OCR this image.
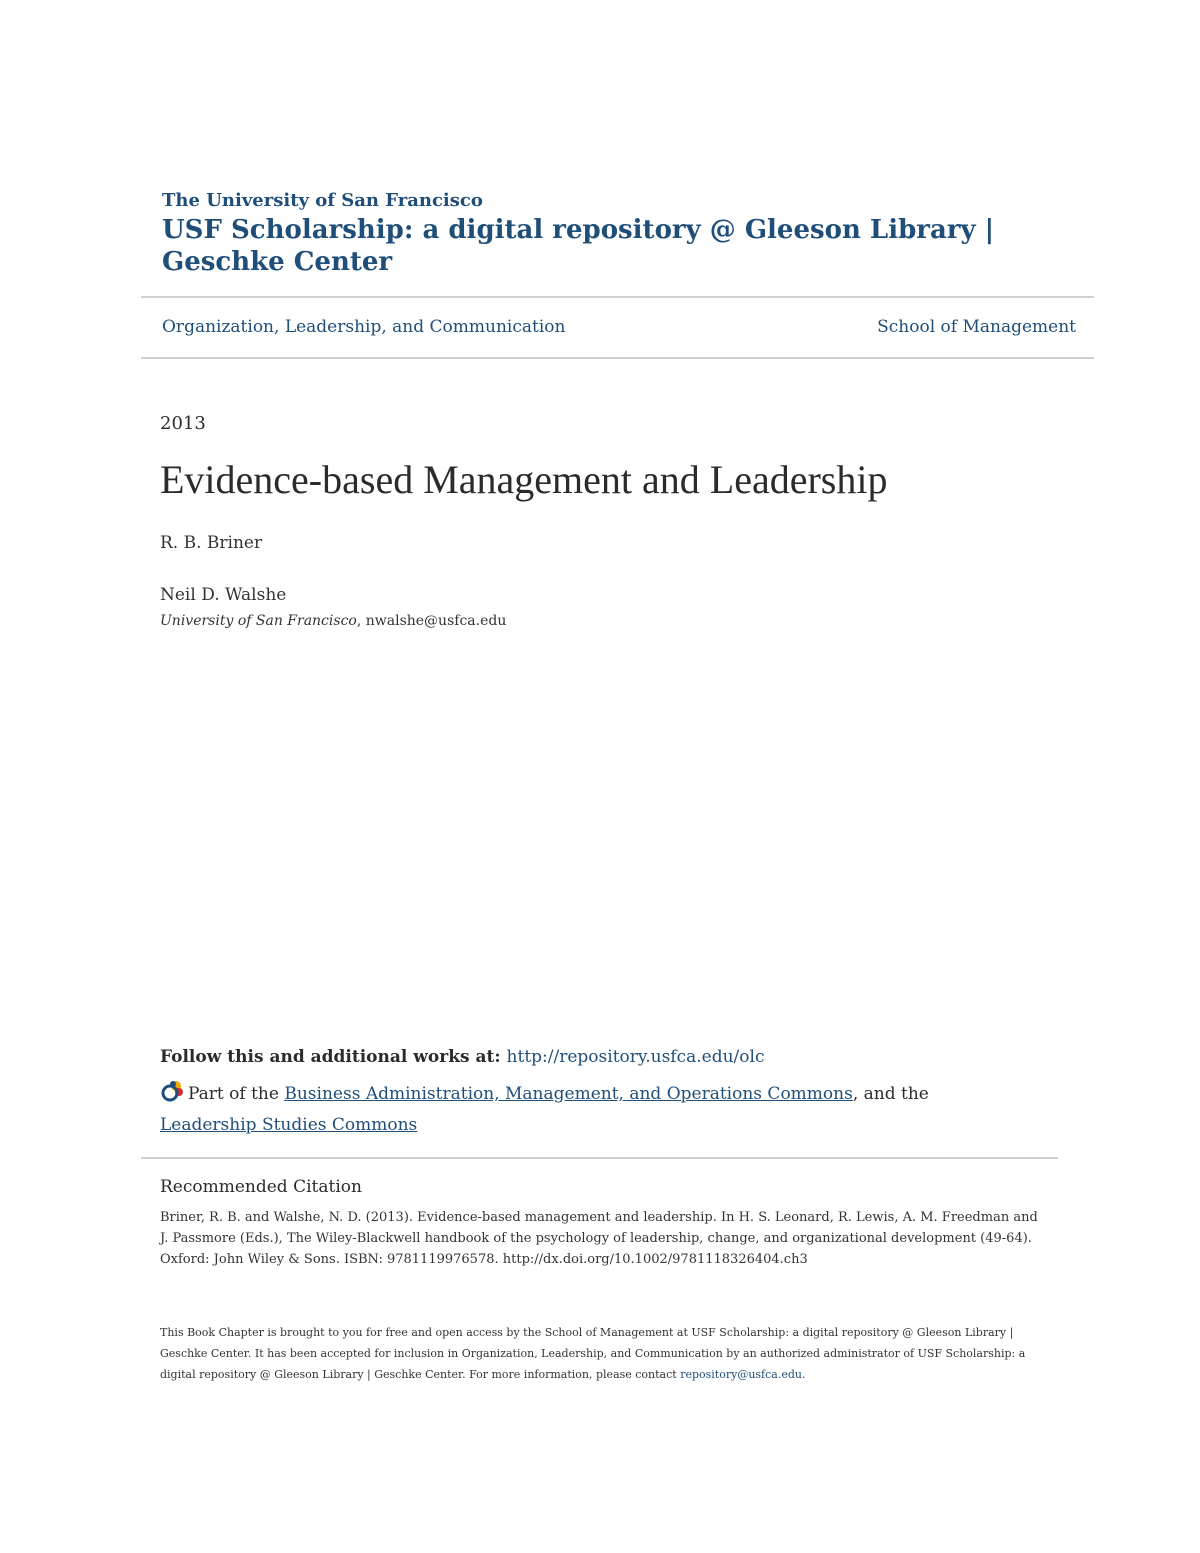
The University of San Francisco
USF Scholarship: a digital repository @ Gleeson Library | Geschke Center
Organization, Leadership, and Communication	School of Management
2013
Evidence-based Management and Leadership
R. B. Briner
Neil D. Walshe
University of San Francisco, nwalshe@usfca.edu
Follow this and additional works at: http://repository.usfca.edu/olc
Part of the Business Administration, Management, and Operations Commons, and the
Leadership Studies Commons
Recommended Citation
Briner, R. B. and Walshe, N. D. (2013). Evidence-based management and leadership. In H. S. Leonard, R. Lewis, A. M. Freedman and J. Passmore (Eds.), The Wiley-Blackwell handbook of the psychology of leadership, change, and organizational development (49-64). Oxford: John Wiley & Sons. ISBN: 9781119976578. http://dx.doi.org/10.1002/9781118326404.ch3
This Book Chapter is brought to you for free and open access by the School of Management at USF Scholarship: a digital repository @ Gleeson Library | Geschke Center. It has been accepted for inclusion in Organization, Leadership, and Communication by an authorized administrator of USF Scholarship: a digital repository @ Gleeson Library | Geschke Center. For more information, please contact repository@usfca.edu.
